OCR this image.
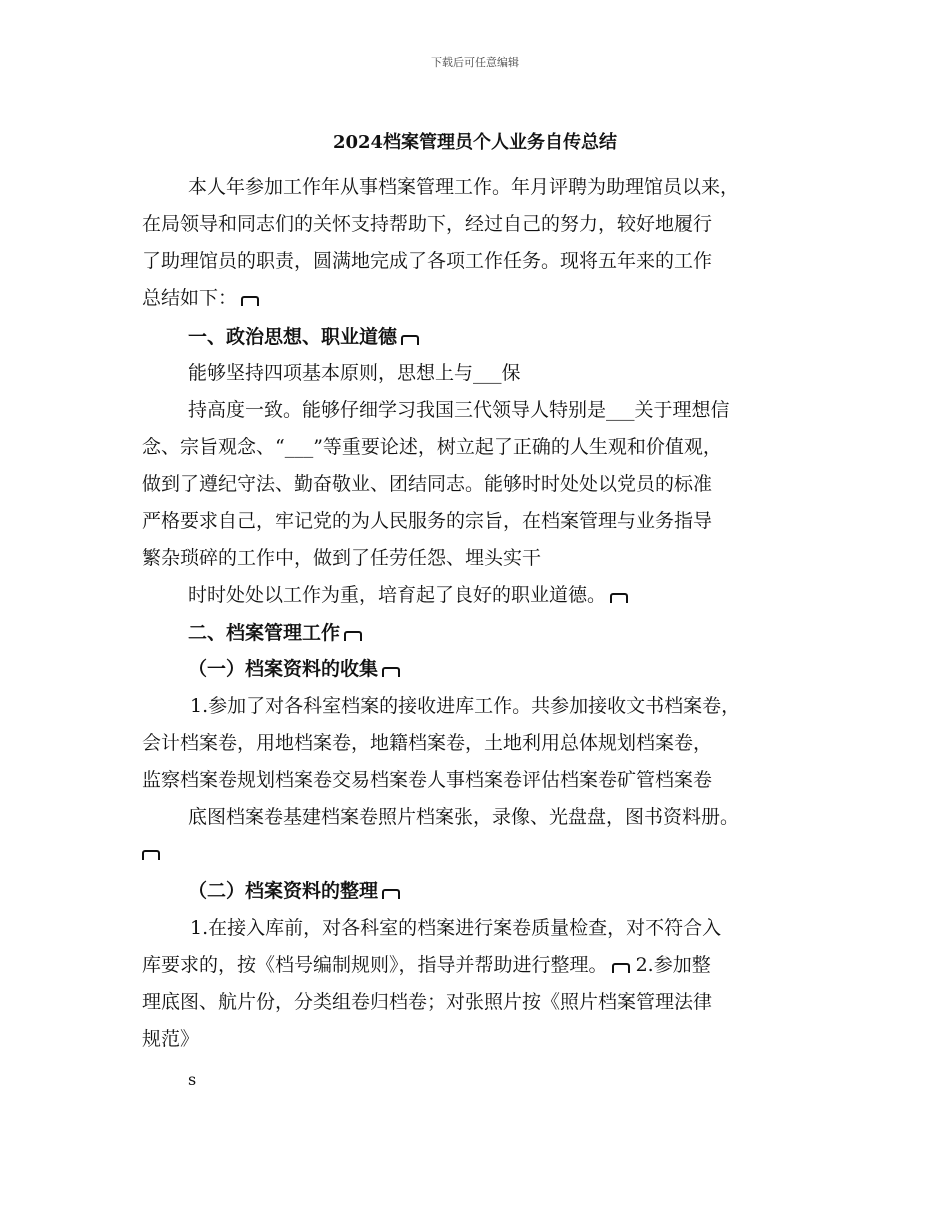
下载后可任意编辑
2024档案管理员个人业务自传总结
本人年参加工作年从事档案管理工作。年月评聘为助理馆员以来，
在局领导和同志们的关怀支持帮助下，经过自己的努力，较好地履行
了助理馆员的职责，圆满地完成了各项工作任务。现将五年来的工作
总结如下：
一、政治思想、职业道德
能够坚持四项基本原则，思想上与___保
持高度一致。能够仔细学习我国三代领导人特别是___关于理想信
念、宗旨观念、“___”等重要论述，树立起了正确的人生观和价值观，
做到了遵纪守法、勤奋敬业、团结同志。能够时时处处以党员的标准
严格要求自己，牢记党的为人民服务的宗旨，在档案管理与业务指导
繁杂琐碎的工作中，做到了任劳任怨、埋头实干
时时处处以工作为重，培育起了良好的职业道德。
二、档案管理工作
（一）档案资料的收集
1.参加了对各科室档案的接收进库工作。共参加接收文书档案卷，
会计档案卷，用地档案卷，地籍档案卷，土地利用总体规划档案卷，
监察档案卷规划档案卷交易档案卷人事档案卷评估档案卷矿管档案卷
底图档案卷基建档案卷照片档案张，录像、光盘盘，图书资料册。
（二）档案资料的整理
1.在接入库前，对各科室的档案进行案卷质量检查，对不符合入
库要求的，按《档号编制规则》，指导并帮助进行整理。 2.参加整
理底图、航片份，分类组卷归档卷；对张照片按《照片档案管理法律
规范》
s
